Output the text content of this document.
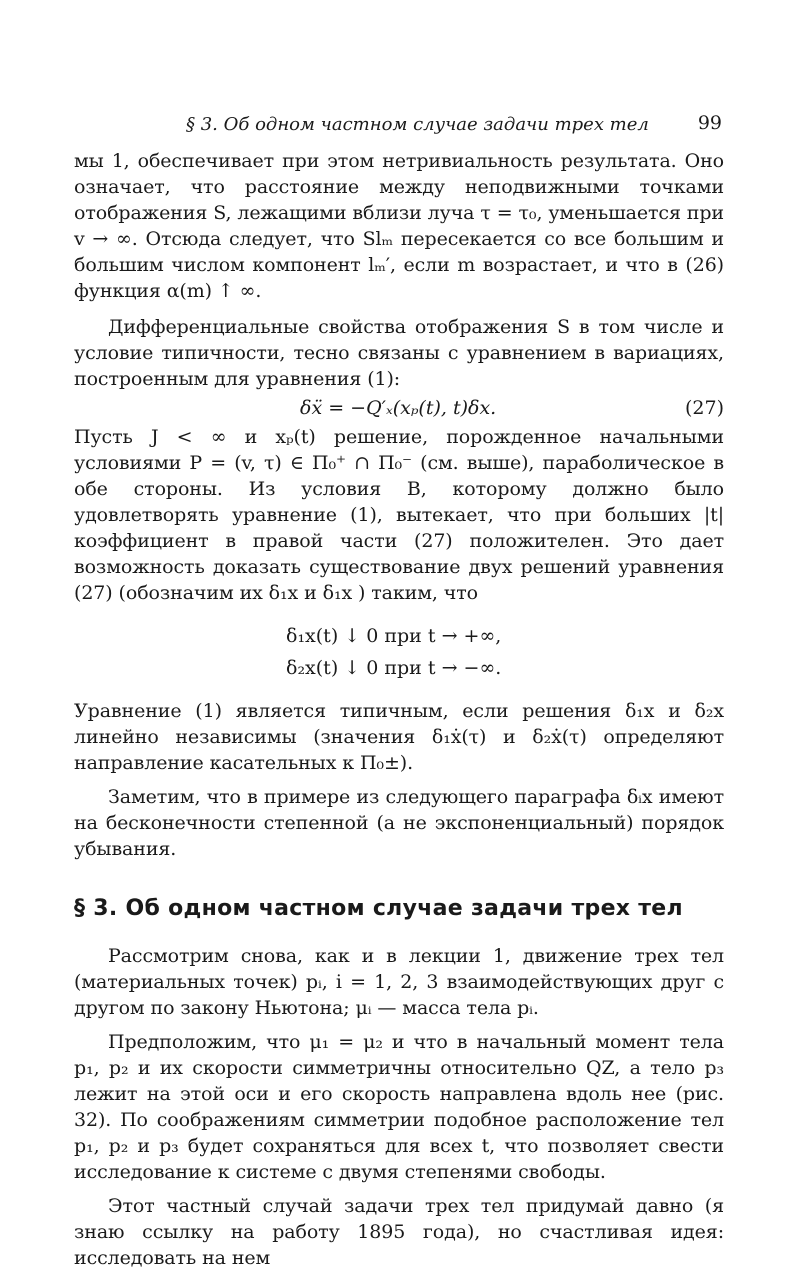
§ 3. Об одном частном случае задачи трех тел	99

мы 1, обеспечивает при этом нетривиальность результата. Оно означает, что расстояние между неподвижными точками отображения S, лежащими вблизи луча τ = τ₀, уменьшается при v → ∞. Отсюда следует, что Slₘ пересекается со все большим и большим числом компонент lₘ′, если m возрастает, и что в (26) функция α(m) ↑ ∞.

Дифференциальные свойства отображения S в том числе и условие типичности, тесно связаны с уравнением в вариациях, построенным для уравнения (1):

δẍ = −Q′ₓ(xₚ(t), t)δx.	(27)

Пусть J < ∞ и xₚ(t) решение, порожденное начальными условиями P = (v, τ) ∈ Π₀⁺ ∩ Π₀⁻ (см. выше), параболическое в обе стороны. Из условия B, которому должно было удовлетворять уравнение (1), вытекает, что при больших |t| коэффициент в правой части (27) положителен. Это дает возможность доказать существование двух решений уравнения (27) (обозначим их δ₁x и δ₁x ) таким, что

δ₁x(t) ↓ 0 при t → +∞,
δ₂x(t) ↓ 0 при t → −∞.

Уравнение (1) является типичным, если решения δ₁x и δ₂x линейно независимы (значения δ₁ẋ(τ) и δ₂ẋ(τ) определяют направление касательных к Π₀±).

Заметим, что в примере из следующего параграфа δᵢx имеют на бесконечности степенной (а не экспоненциальный) порядок убывания.

§ 3. Об одном частном случае задачи трех тел

Рассмотрим снова, как и в лекции 1, движение трех тел (материальных точек) pᵢ, i = 1, 2, 3 взаимодействующих друг с другом по закону Ньютона; μᵢ — масса тела pᵢ.

Предположим, что μ₁ = μ₂ и что в начальный момент тела p₁, p₂ и их скорости симметричны относительно QZ, а тело p₃ лежит на этой оси и его скорость направлена вдоль нее (рис. 32). По соображениям симметрии подобное расположение тел p₁, p₂ и p₃ будет сохраняться для всех t, что позволяет свести исследование к системе с двумя степенями свободы.

Этот частный случай задачи трех тел придумай давно (я знаю ссылку на работу 1895 года), но счастливая идея: исследовать на нем
